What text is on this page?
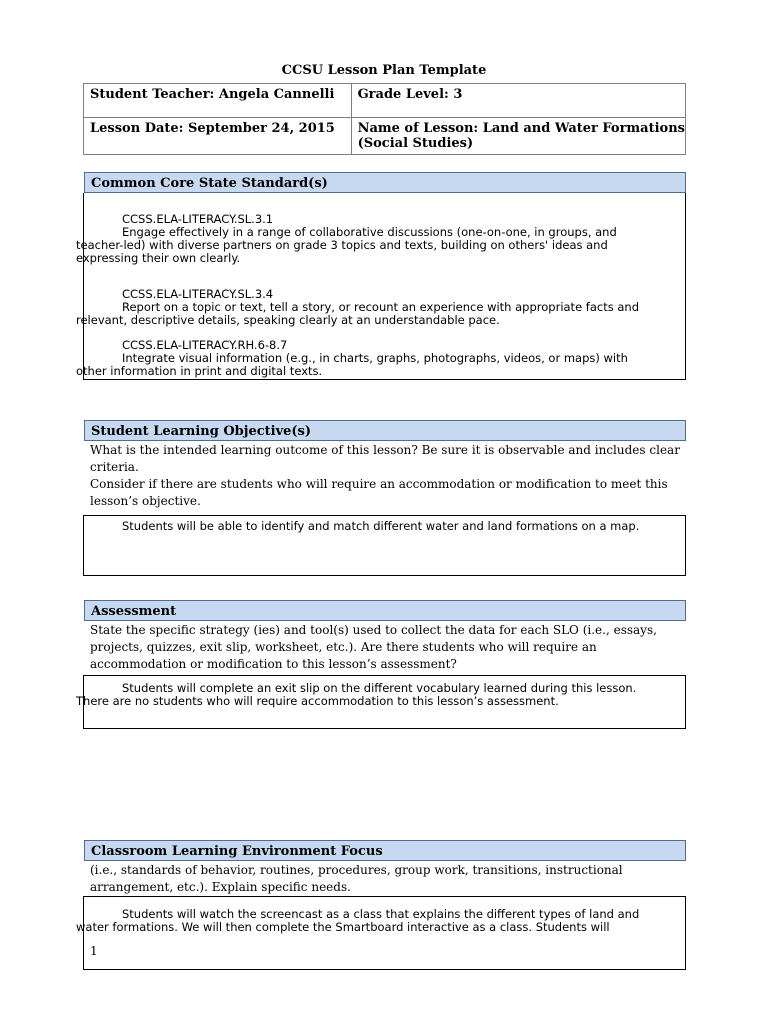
CCSU Lesson Plan Template
Student Teacher: Angela Cannelli	Grade Level: 3
Lesson Date: September 24, 2015	Name of Lesson: Land and Water Formations
(Social Studies)
Common Core State Standard(s)
CCSS.ELA-LITERACY.SL.3.1
Engage effectively in a range of collaborative discussions (one-on-one, in groups, and
teacher-led) with diverse partners on grade 3 topics and texts, building on others' ideas and
expressing their own clearly.
CCSS.ELA-LITERACY.SL.3.4
Report on a topic or text, tell a story, or recount an experience with appropriate facts and
relevant, descriptive details, speaking clearly at an understandable pace.
CCSS.ELA-LITERACY.RH.6-8.7
Integrate visual information (e.g., in charts, graphs, photographs, videos, or maps) with
other information in print and digital texts.
Student Learning Objective(s)
What is the intended learning outcome of this lesson? Be sure it is observable and includes clear
criteria.
Consider if there are students who will require an accommodation or modification to meet this
lesson’s objective.
Students will be able to identify and match different water and land formations on a map.
Assessment
State the specific strategy (ies) and tool(s) used to collect the data for each SLO (i.e., essays,
projects, quizzes, exit slip, worksheet, etc.). Are there students who will require an
accommodation or modification to this lesson’s assessment?
Students will complete an exit slip on the different vocabulary learned during this lesson.
There are no students who will require accommodation to this lesson’s assessment.
Classroom Learning Environment Focus
(i.e., standards of behavior, routines, procedures, group work, transitions, instructional
arrangement, etc.). Explain specific needs.
Students will watch the screencast as a class that explains the different types of land and
water formations. We will then complete the Smartboard interactive as a class. Students will
1
